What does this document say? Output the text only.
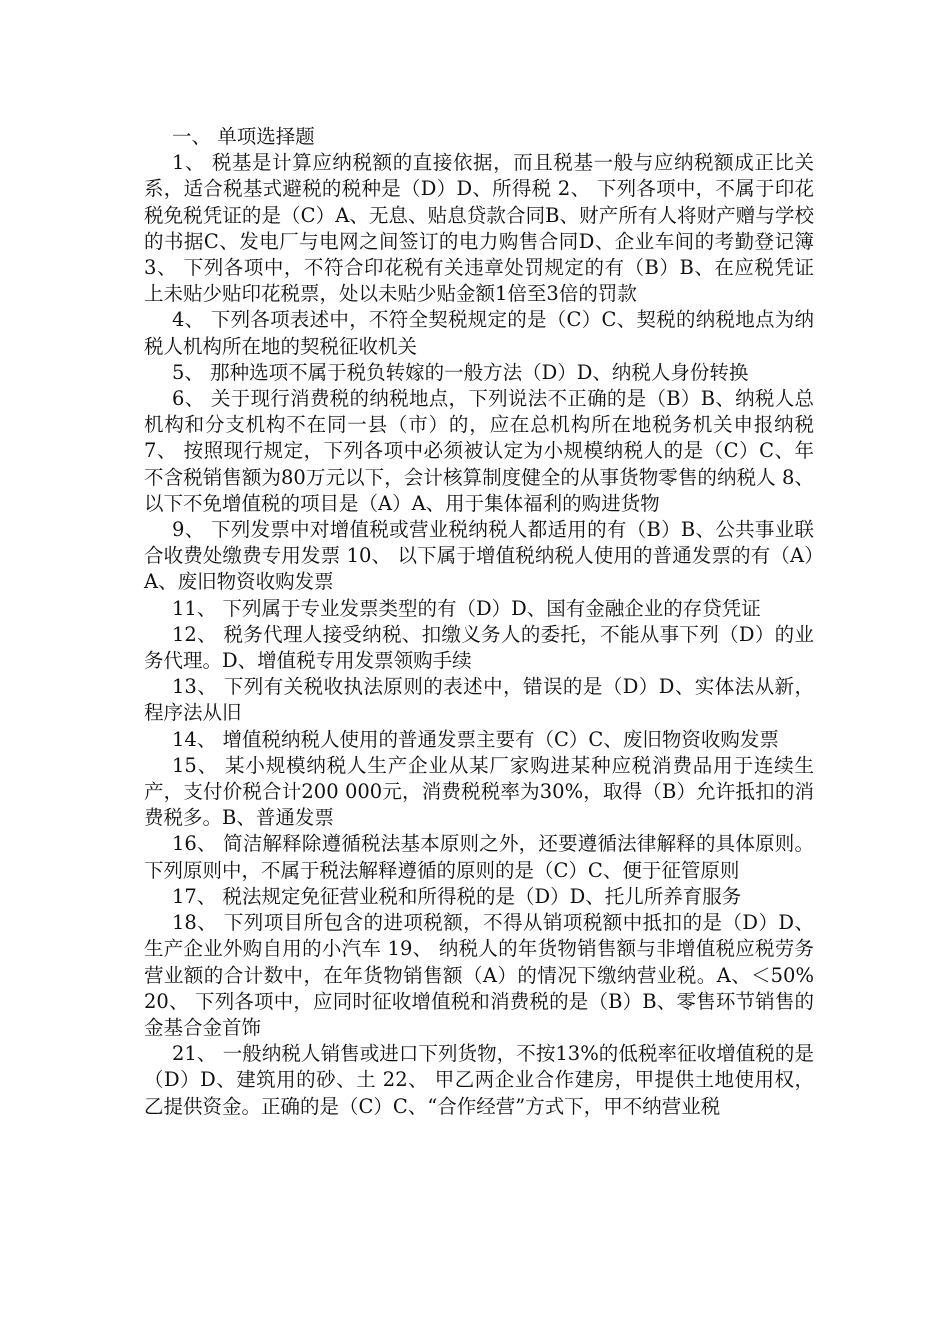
一、 单项选择题

1、 税基是计算应纳税额的直接依据，而且税基一般与应纳税额成正比关系，适合税基式避税的税种是（D）D、所得税 2、 下列各项中，不属于印花税免税凭证的是（C）A、无息、贴息贷款合同B、财产所有人将财产赠与学校的书据C、发电厂与电网之间签订的电力购售合同D、企业车间的考勤登记簿 3、 下列各项中，不符合印花税有关违章处罚规定的有（B）B、在应税凭证上未贴少贴印花税票，处以未贴少贴金额1倍至3倍的罚款

4、 下列各项表述中，不符全契税规定的是（C）C、契税的纳税地点为纳税人机构所在地的契税征收机关

5、 那种选项不属于税负转嫁的一般方法（D）D、纳税人身份转换

6、 关于现行消费税的纳税地点，下列说法不正确的是（B）B、纳税人总机构和分支机构不在同一县（市）的，应在总机构所在地税务机关申报纳税 7、 按照现行规定，下列各项中必须被认定为小规模纳税人的是（C）C、年不含税销售额为80万元以下，会计核算制度健全的从事货物零售的纳税人 8、 以下不免增值税的项目是（A）A、用于集体福利的购进货物

9、 下列发票中对增值税或营业税纳税人都适用的有（B）B、公共事业联合收费处缴费专用发票 10、 以下属于增值税纳税人使用的普通发票的有（A）A、废旧物资收购发票

11、 下列属于专业发票类型的有（D）D、国有金融企业的存贷凭证

12、 税务代理人接受纳税、扣缴义务人的委托，不能从事下列（D）的业务代理。D、增值税专用发票领购手续

13、 下列有关税收执法原则的表述中，错误的是（D）D、实体法从新，程序法从旧

14、 增值税纳税人使用的普通发票主要有（C）C、废旧物资收购发票

15、 某小规模纳税人生产企业从某厂家购进某种应税消费品用于连续生产，支付价税合计200 000元，消费税税率为30%，取得（B）允许抵扣的消费税多。B、普通发票

16、 简洁解释除遵循税法基本原则之外，还要遵循法律解释的具体原则。下列原则中，不属于税法解释遵循的原则的是（C）C、便于征管原则

17、 税法规定免征营业税和所得税的是（D）D、托儿所养育服务

18、 下列项目所包含的进项税额，不得从销项税额中抵扣的是（D）D、生产企业外购自用的小汽车 19、 纳税人的年货物销售额与非增值税应税劳务营业额的合计数中，在年货物销售额（A）的情况下缴纳营业税。A、＜50% 20、 下列各项中，应同时征收增值税和消费税的是（B）B、零售环节销售的金基合金首饰

21、 一般纳税人销售或进口下列货物，不按13%的低税率征收增值税的是（D）D、建筑用的砂、土 22、 甲乙两企业合作建房，甲提供土地使用权，乙提供资金。正确的是（C）C、“合作经营”方式下，甲不纳营业税
